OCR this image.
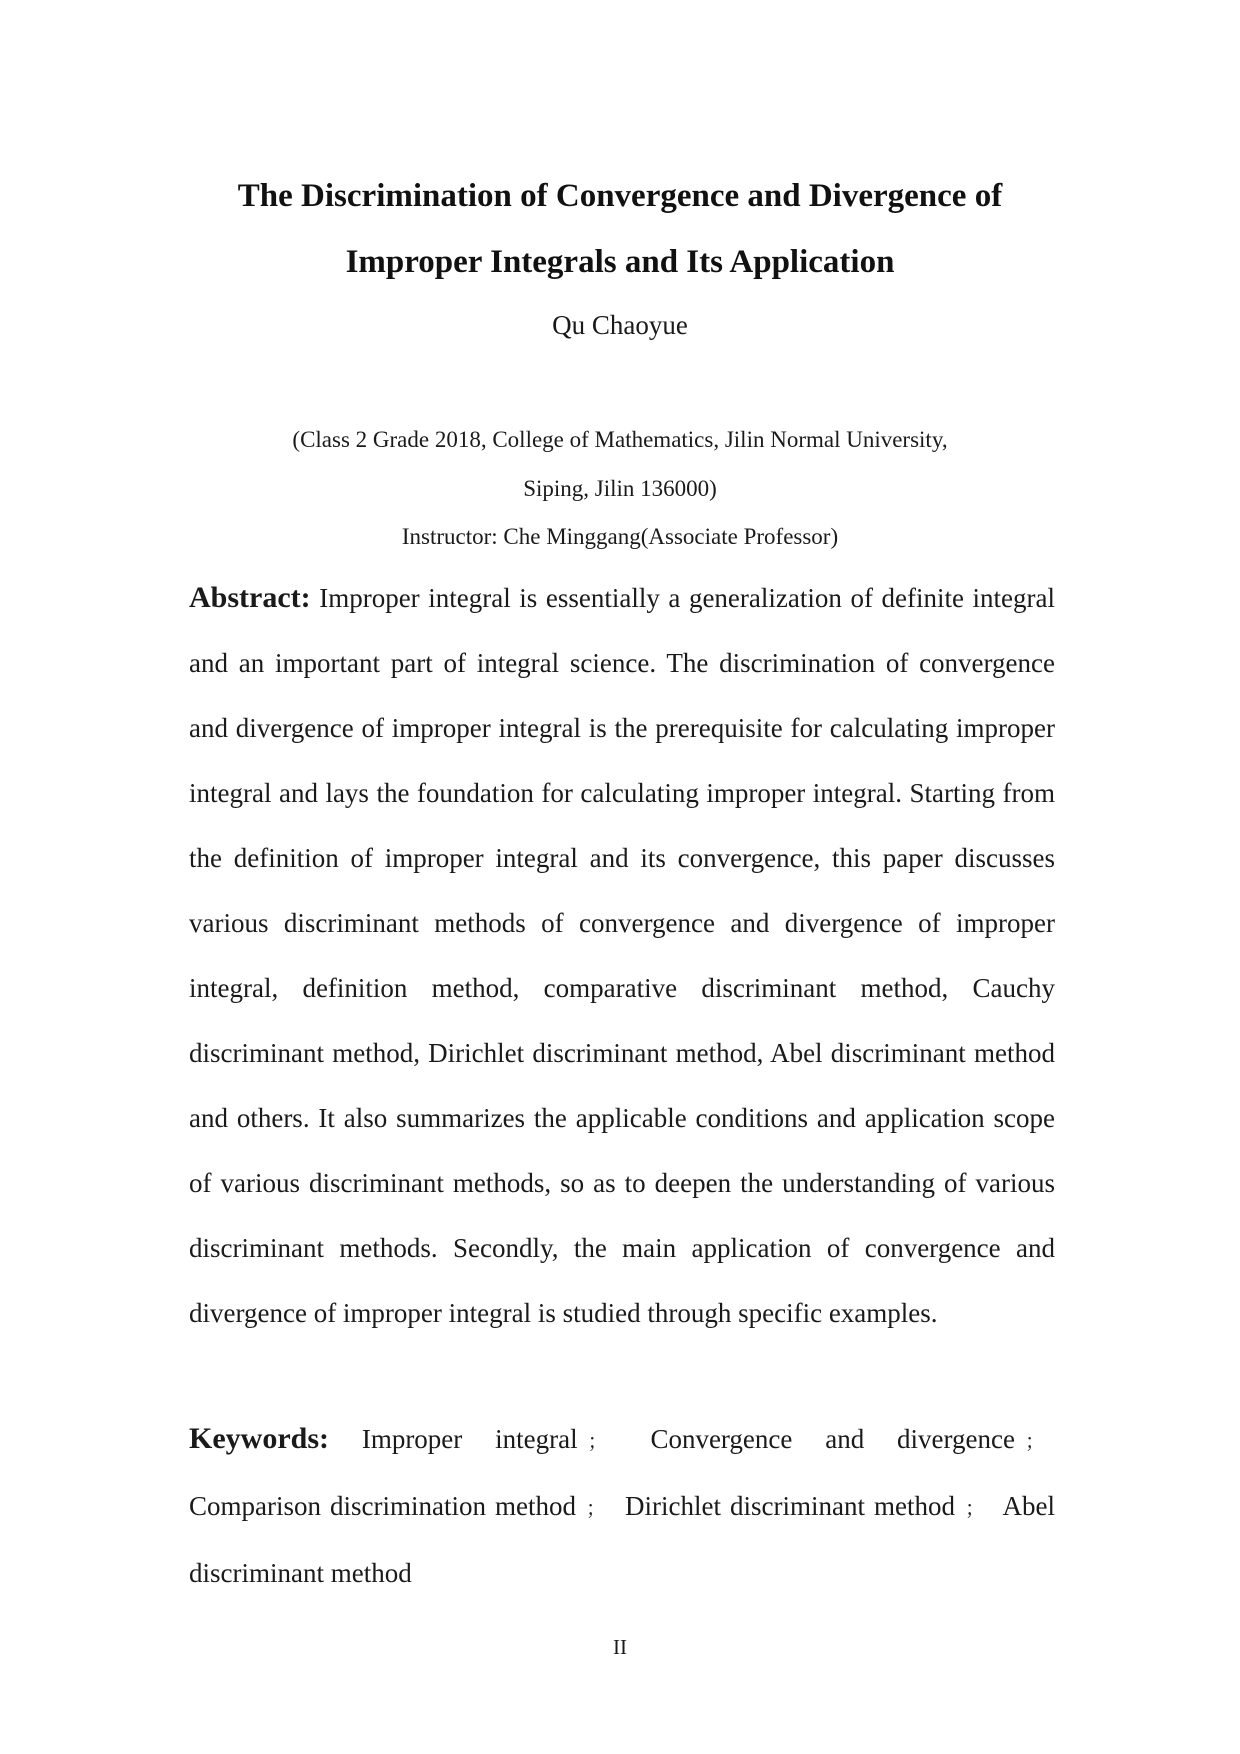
The Discrimination of Convergence and Divergence of
Improper Integrals and Its Application
Qu Chaoyue
(Class 2 Grade 2018, College of Mathematics, Jilin Normal University,
Siping, Jilin 136000)
Instructor: Che Minggang(Associate Professor)
Abstract: Improper integral is essentially a generalization of definite integral and an important part of integral science. The discrimination of convergence and divergence of improper integral is the prerequisite for calculating improper integral and lays the foundation for calculating improper integral. Starting from the definition of improper integral and its convergence, this paper discusses various discriminant methods of convergence and divergence of improper integral, definition method, comparative discriminant method, Cauchy discriminant method, Dirichlet discriminant method, Abel discriminant method and others. It also summarizes the applicable conditions and application scope of various discriminant methods, so as to deepen the understanding of various discriminant methods. Secondly, the main application of convergence and divergence of improper integral is studied through specific examples.
Keywords: Improper integral ； Convergence and divergence ； Comparison discrimination method ； Dirichlet discriminant method ； Abel discriminant method
II
